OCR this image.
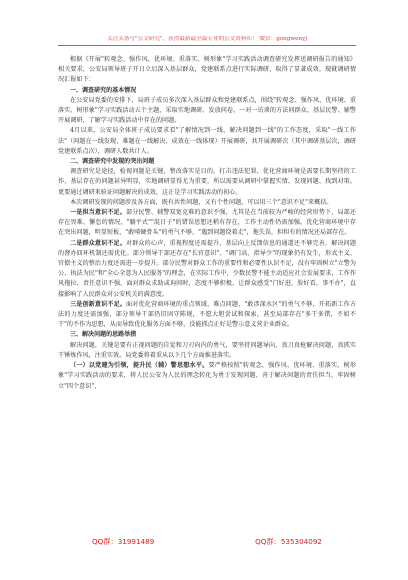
关注头条号"公文研究"，获得最新最全最专业的公文资料库！ 微信：gongwenyj

根据《开展"转观念、强作风、优环境、重落实、树形象"学习实践活动调查研究发挥送调研报告的通知》相关要求，公安局领导班子开日立启深入基层群众，党建联系点进行实际调研，取得了显著成效。现就调研情况汇报如下：

一、调查研究的基本情况

在公安局党委的安排下，局班子成员多次深入基层群众和党建联系点，围绕"转观念、强作风、优环境、重落实、树形象"学习实践活动五个主题，采取实地调研、发放问卷、一对一访谈的方法问群众、基层民警、辅警开展调研，了解学习实践活动中存在的问题。

4月以来，公安局全体班子成员要求看"了解情况到一线、解决问题到一线"的工作态度，采取"一线工作法"（问题在一线发现、难题在一线解决、成效在一线体现）开展调研，共开展调研次（其中调研基层次，调研党建联系点次），调研人数共计人。

二、调查研究中发现的突出问题

调查研究是途径，检视问题是关键，整改落实是目的。打击违法犯罪，优化营商环境是需要长期坚持的工作，基层存在的问题甚异明显，实地调研显得尤为重要，所以需要从调研中掌握实情、发现问题、找到对策。更要通过调研来验证问题解决的成效，这正是学习实践活动的初心。

本次调研发现的问题涉及各方面，既有共性问题，又有个性问题，可以用三个"意识不足"来概括。

一是担当意识不足。部分民警、辅警双宽克难的意识不强，尤其是在当前较为严峻的经营形势下，局部还存在畏难、懈怠的情况，"躺平式""混日子"的错误思想还稍有存在，工作主动性仍需加强。优化营商环境中存在突出问题，明显短板，"敢啃硬骨头"的勇气不够，"遇到问题绕着走"，拖失误，担担有的情况还局部存在。

二是群众意识不足。对群众的心声，重视程度还需提升，基层向上反馈信息的通道还不够完善，解决问题的督办回环机制还需优化。部分领导干部还存在"长官意识"、"调门高、指导少"的现象仍有发生，形式主义、官僚主义的整治力度还需进一步提升。部分民警对群众工作的重要性和必要性认识不足，没有牢固树立"立警为公、执法为民"和"全心全意为人民服务"的理念，在实际工作中，少数民警不能主动适应社会发展要求，工作作风拖拉、责任意识不强，面对群众求助或询问时，态度不够积极，让群众感受"门好进，脸好看，事不办"，直接影响了人民群众对公安机关的满意度。

三是创新意识不足。面对优化营商环境的重点领域、难点问题，"敢涉深水区"的勇气不够，开拓新工作方法的力度还需加强，部分领导干部仍旧固守陈规，不愿大胆尝试和探索，甚至局部存在"多干多错，不如不干"的不作为思想，从而导致优化服务方面不够，没能抓点正好是警示意义营企业群众。

三、解决问题的思路举措

解决问题，关键是要有正视问题的自觉和刀刃向内的勇气，要坚持问题导向，真刀真枪解决问题，真抓实干锤炼作风，注重实效。局党委将着重从以下几个方面推进落实。

（一）以党建为引领，提升民（辅）警思想水平。要严格按照"转观念、强作风、优环境、重落实、树形象"学习实践活动的要求，将人民公安为人民的理念转化为勇于发现问题、善于解决问题的责任担当，牢固树立"四个意识"，

QQ群：31991489	QQ群：535304092
